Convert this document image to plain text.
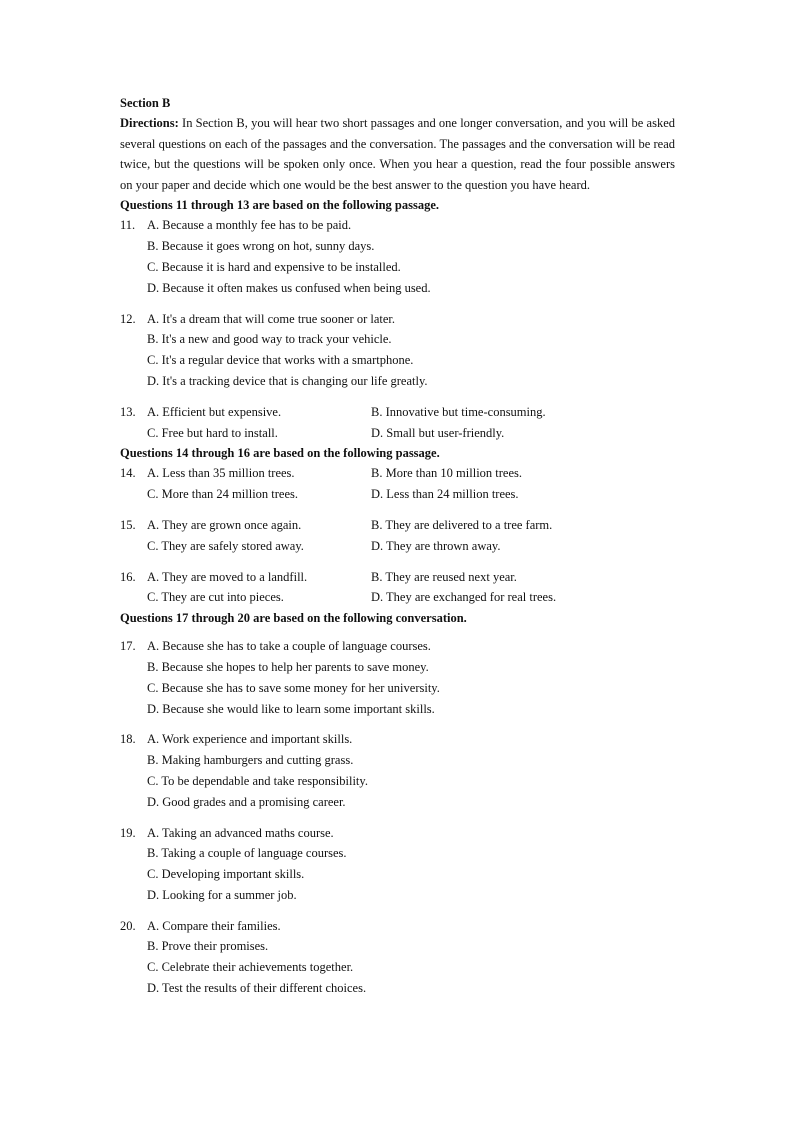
Section B

Directions: In Section B, you will hear two short passages and one longer conversation, and you will be asked several questions on each of the passages and the conversation. The passages and the conversation will be read twice, but the questions will be spoken only once. When you hear a question, read the four possible answers on your paper and decide which one would be the best answer to the question you have heard.

Questions 11 through 13 are based on the following passage.
11. A. Because a monthly fee has to be paid.
B. Because it goes wrong on hot, sunny days.
C. Because it is hard and expensive to be installed.
D. Because it often makes us confused when being used.
12. A. It's a dream that will come true sooner or later.
B. It's a new and good way to track your vehicle.
C. It's a regular device that works with a smartphone.
D. It's a tracking device that is changing our life greatly.
13. A. Efficient but expensive.	B. Innovative but time-consuming.
C. Free but hard to install.	D. Small but user-friendly.
Questions 14 through 16 are based on the following passage.
14. A. Less than 35 million trees.	B. More than 10 million trees.
C. More than 24 million trees.	D. Less than 24 million trees.
15. A. They are grown once again.	B. They are delivered to a tree farm.
C. They are safely stored away.	D. They are thrown away.
16. A. They are moved to a landfill.	B. They are reused next year.
C. They are cut into pieces.	D. They are exchanged for real trees.
Questions 17 through 20 are based on the following conversation.
17. A. Because she has to take a couple of language courses.
B. Because she hopes to help her parents to save money.
C. Because she has to save some money for her university.
D. Because she would like to learn some important skills.
18. A. Work experience and important skills.
B. Making hamburgers and cutting grass.
C. To be dependable and take responsibility.
D. Good grades and a promising career.
19. A. Taking an advanced maths course.
B. Taking a couple of language courses.
C. Developing important skills.
D. Looking for a summer job.
20. A. Compare their families.
B. Prove their promises.
C. Celebrate their achievements together.
D. Test the results of their different choices.
